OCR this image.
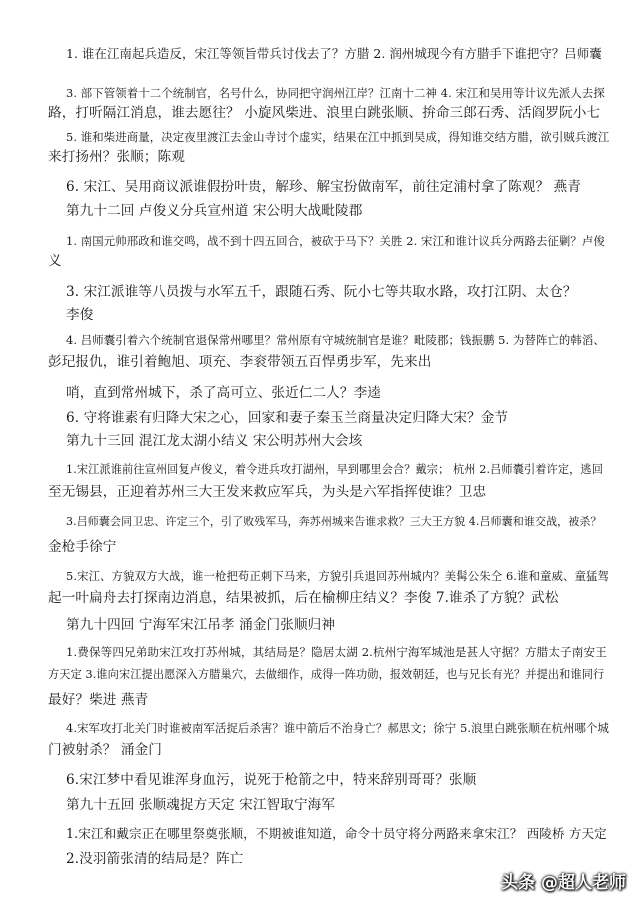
1. 谁在江南起兵造反，宋江等领旨带兵讨伐去了？方腊 2. 润州城现今有方腊手下谁把守？吕师囊
3. 部下管领着十二个统制官，名号什么，协同把守润州江岸？江南十二神 4. 宋江和吴用等计议先派人去探
路，打听隔江消息，谁去愿往？ 小旋风柴进、浪里白跳张顺、拚命三郎石秀、活阎罗阮小七
5. 谁和柴进商量，决定夜里渡江去金山寺讨个虚实，结果在江中抓到吴成，得知谁交结方腊，欲引贼兵渡江
来打扬州？张顺；陈观
6. 宋江、吴用商议派谁假扮叶贵，解珍、解宝扮做南军，前往定浦村拿了陈观？ 燕青
第九十二回 卢俊义分兵宣州道 宋公明大战毗陵郡
1. 南国元帅邢政和谁交鸣，战不到十四五回合，被砍于马下？关胜 2. 宋江和谁计议兵分两路去征剿？卢俊
义
3. 宋江派谁等八员拨与水军五千，跟随石秀、阮小七等共取水路，攻打江阴、太仓？
李俊
4. 吕师囊引着六个统制官退保常州哪里？常州原有守城统制官是谁？毗陵郡；钱振鹏 5. 为替阵亡的韩滔、
彭玘报仇，谁引着鲍旭、项充、李衮带领五百悍勇步军，先来出
哨，直到常州城下，杀了高可立、张近仁二人？李逵
6. 守将谁素有归降大宋之心，回家和妻子秦玉兰商量决定归降大宋？金节
第九十三回 混江龙太湖小结义 宋公明苏州大会垓
1.宋江派谁前往宣州回复卢俊义，着令进兵攻打湖州，早到哪里会合？戴宗； 杭州 2.吕师囊引着许定，逃回
至无锡县，正迎着苏州三大王发来救应军兵，为头是六军指挥使谁？卫忠
3.吕师囊会同卫忠、许定三个，引了败残军马，奔苏州城来告谁求救？三大王方貌 4.吕师囊和谁交战，被杀？
金枪手徐宁
5.宋江、方貌双方大战，谁一枪把苟正刺下马来，方貌引兵退回苏州城内？美髯公朱仝 6.谁和童威、童猛驾
起一叶扁舟去打探南边消息，结果被抓，后在榆柳庄结义？李俊 7.谁杀了方貌？武松
第九十四回 宁海军宋江吊孝 涌金门张顺归神
1.费保等四兄弟助宋江攻打苏州城，其结局是？隐居太湖 2.杭州宁海军城池是甚人守据？方腊太子南安王
方天定 3.谁向宋江提出愿深入方腊巢穴，去做细作，成得一阵功勋，报效朝廷，也与兄长有光？并提出和谁同行
最好？柴进 燕青
4.宋军攻打北关门时谁被南军活捉后杀害？谁中箭后不治身亡？郝思文；徐宁 5.浪里白跳张顺在杭州哪个城
门被射杀？ 涌金门
6.宋江梦中看见谁浑身血污，说死于枪箭之中，特来辞别哥哥？张顺
第九十五回 张顺魂捉方天定 宋江智取宁海军
1.宋江和戴宗正在哪里祭奠张顺，不期被谁知道，命令十员守将分两路来拿宋江？ 西陵桥 方天定
2.没羽箭张清的结局是？阵亡
头条 @超人老师
